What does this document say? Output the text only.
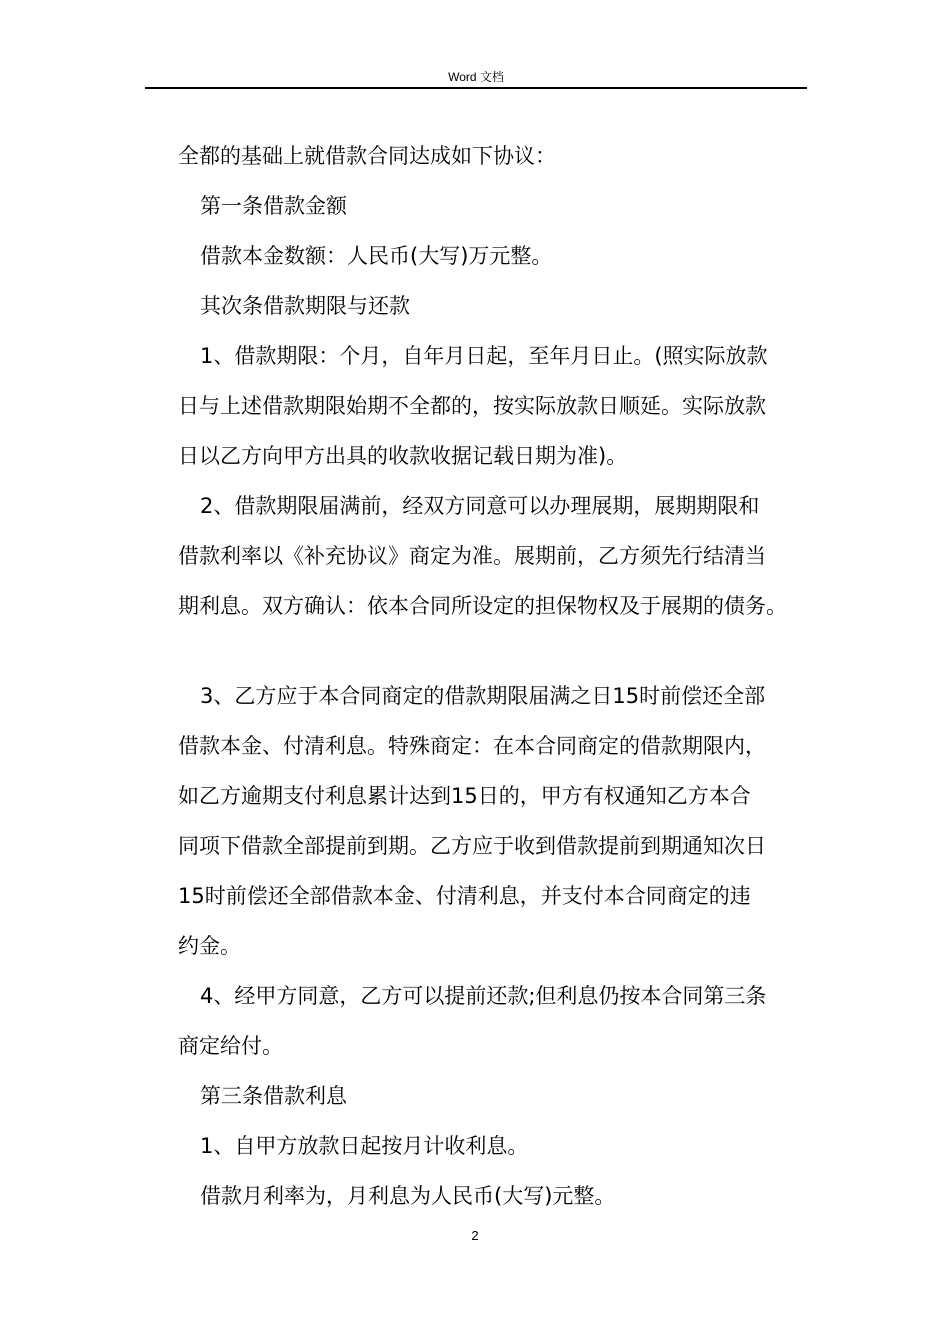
Word 文档

全都的基础上就借款合同达成如下协议：

第一条借款金额

借款本金数额：人民币(大写)万元整。

其次条借款期限与还款

1、借款期限：个月，自年月日起，至年月日止。(照实际放款

日与上述借款期限始期不全都的，按实际放款日顺延。实际放款

日以乙方向甲方出具的收款收据记载日期为准)。

2、借款期限届满前，经双方同意可以办理展期，展期期限和

借款利率以《补充协议》商定为准。展期前，乙方须先行结清当

期利息。双方确认：依本合同所设定的担保物权及于展期的债务。

3、乙方应于本合同商定的借款期限届满之日15时前偿还全部

借款本金、付清利息。特殊商定：在本合同商定的借款期限内，

如乙方逾期支付利息累计达到15日的，甲方有权通知乙方本合

同项下借款全部提前到期。乙方应于收到借款提前到期通知次日

15时前偿还全部借款本金、付清利息，并支付本合同商定的违

约金。

4、经甲方同意，乙方可以提前还款;但利息仍按本合同第三条

商定给付。

第三条借款利息

1、自甲方放款日起按月计收利息。

借款月利率为，月利息为人民币(大写)元整。

2
